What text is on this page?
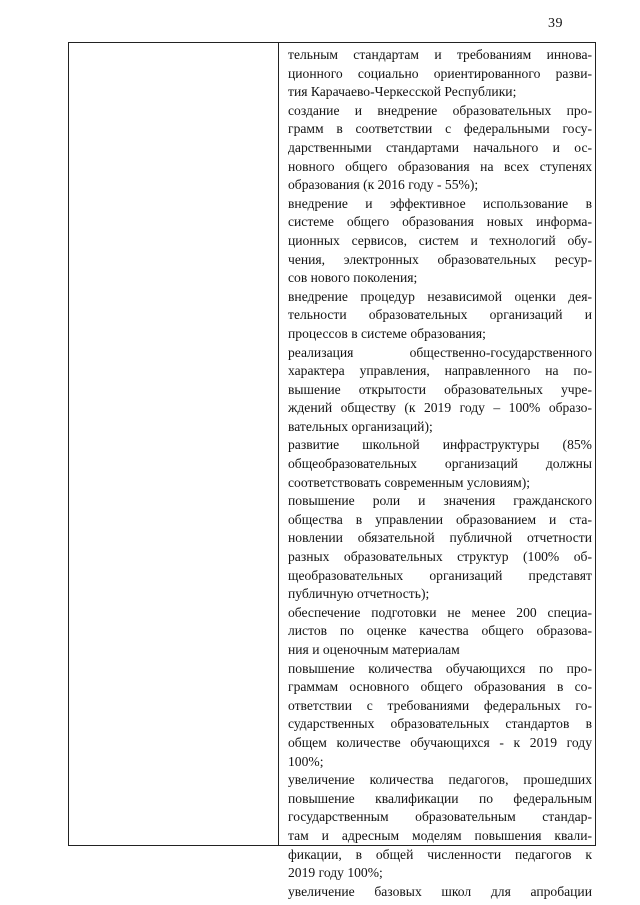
39
тельным стандартам и требованиям иннова-
ционного социально ориентированного разви-
тия Карачаево-Черкесской Республики;
создание и внедрение образовательных про-
грамм в соответствии с федеральными госу-
дарственными стандартами начального и ос-
новного общего образования на всех ступенях
образования (к 2016 году - 55%);
внедрение и эффективное использование в
системе общего образования новых информа-
ционных сервисов, систем и технологий обу-
чения, электронных образовательных ресур-
сов нового поколения;
внедрение процедур независимой оценки дея-
тельности образовательных организаций и
процессов в системе образования;
реализация общественно-государственного
характера управления, направленного на по-
вышение открытости образовательных учре-
ждений обществу (к 2019 году – 100% образо-
вательных организаций);
развитие школьной инфраструктуры (85%
общеобразовательных организаций должны
соответствовать современным условиям);
повышение роли и значения гражданского
общества в управлении образованием и ста-
новлении обязательной публичной отчетности
разных образовательных структур (100% об-
щеобразовательных организаций представят
публичную отчетность);
обеспечение подготовки не менее 200 специа-
листов по оценке качества общего образова-
ния и оценочным материалам
повышение количества обучающихся по про-
граммам основного общего образования в со-
ответствии с требованиями федеральных го-
сударственных образовательных стандартов в
общем количестве обучающихся - к 2019 году
100%;
увеличение количества педагогов, прошедших
повышение квалификации по федеральным
государственным образовательным стандар-
там и адресным моделям повышения квали-
фикации, в общей численности педагогов к
2019 году 100%;
увеличение базовых школ для апробации
